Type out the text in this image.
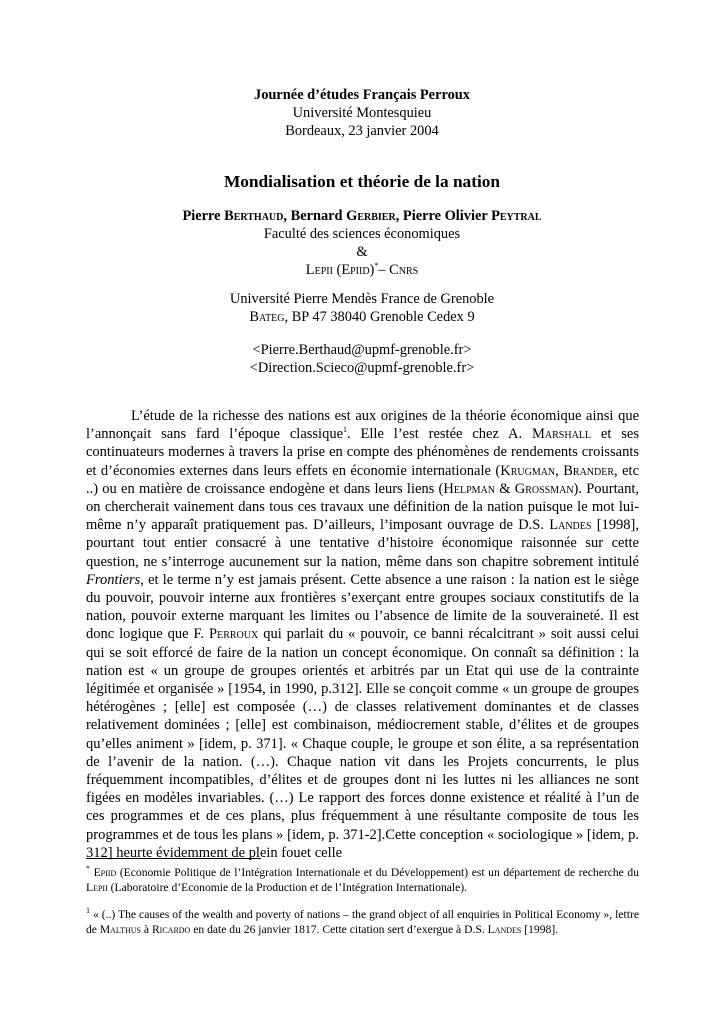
Journée d’études Français Perroux
Université Montesquieu
Bordeaux, 23 janvier 2004
Mondialisation et théorie de la nation
Pierre Berthaud, Bernard Gerbier, Pierre Olivier Peytral
Faculté des sciences économiques
&
Lepii (Epiid)*– Cnrs
Université Pierre Mendès France de Grenoble
Bateg, BP 47 38040 Grenoble Cedex 9
<Pierre.Berthaud@upmf-grenoble.fr>
<Direction.Scieco@upmf-grenoble.fr>

L’étude de la richesse des nations est aux origines de la théorie économique ainsi que l’annonçait sans fard l’époque classique$^1$. Elle l’est restée chez A. Marshall et ses continuateurs modernes à travers la prise en compte des phénomènes de rendements croissants et d’économies externes dans leurs effets en économie internationale (Krugman, Brander, etc ..) ou en matière de croissance endogène et dans leurs liens (Helpman & Grossman). Pourtant, on chercherait vainement dans tous ces travaux une définition de la nation puisque le mot lui-même n’y apparaît pratiquement pas. D’ailleurs, l’imposant ouvrage de D.S. Landes [1998], pourtant tout entier consacré à une tentative d’histoire économique raisonnée sur cette question, ne s’interroge aucunement sur la nation, même dans son chapitre sobrement intitulé Frontiers, et le terme n’y est jamais présent. Cette absence a une raison : la nation est le siège du pouvoir, pouvoir interne aux frontières s’exerçant entre groupes sociaux constitutifs de la nation, pouvoir externe marquant les limites ou l’absence de limite de la souveraineté. Il est donc logique que F. Perroux qui parlait du « pouvoir, ce banni récalcitrant » soit aussi celui qui se soit efforcé de faire de la nation un concept économique. On connaît sa définition : la nation est « un groupe de groupes orientés et arbitrés par un Etat qui use de la contrainte légitimée et organisée » [1954, in 1990, p.312]. Elle se conçoit comme « un groupe de groupes hétérogènes ; [elle] est composée (…) de classes relativement dominantes et de classes relativement dominées ; [elle] est combinaison, médiocrement stable, d’élites et de groupes qu’elles animent » [idem, p. 371]. « Chaque couple, le groupe et son élite, a sa représentation de l’avenir de la nation. (…). Chaque nation vit dans les Projets concurrents, le plus fréquemment incompatibles, d’élites et de groupes dont ni les luttes ni les alliances ne sont figées en modèles invariables. (…) Le rapport des forces donne existence et réalité à l’un de ces programmes et de ces plans, plus fréquemment à une résultante composite de tous les programmes et de tous les plans » [idem, p. 371-2].Cette conception « sociologique » [idem, p. 312] heurte évidemment de plein fouet celle

* Epiid (Economie Politique de l’Intégration Internationale et du Développement) est un département de recherche du Lepii (Laboratoire d’Economie de la Production et de l’Intégration Internationale).

$^1$ « (..) The causes of the wealth and poverty of nations – the grand object of all enquiries in Political Economy », lettre de Malthus à Ricardo en date du 26 janvier 1817. Cette citation sert d’exergue à D.S. Landes [1998].
